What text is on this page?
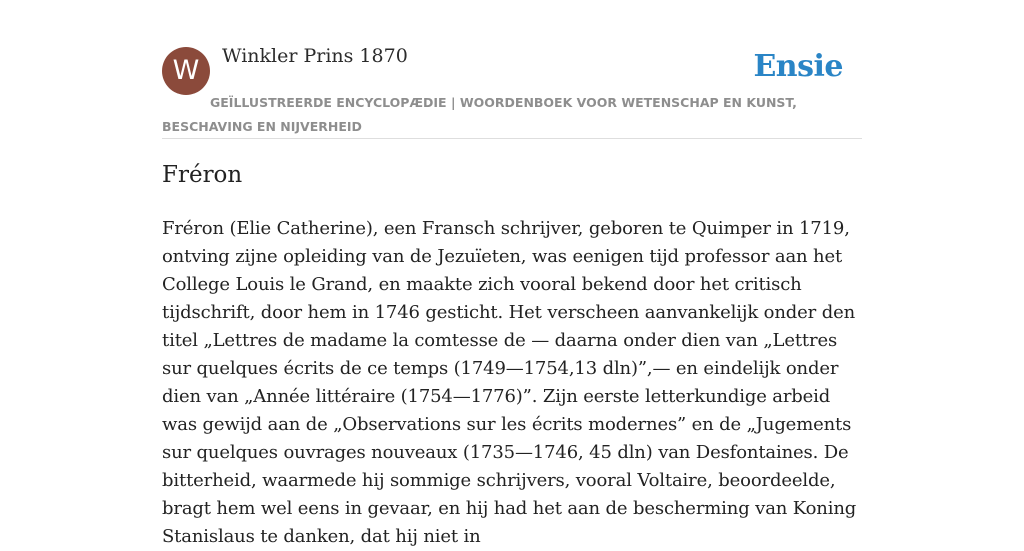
W	Winkler Prins 1870	Ensie
GEÏLLUSTREERDE ENCYCLOPÆDIE | WOORDENBOEK VOOR WETENSCHAP EN KUNST, BESCHAVING EN NIJVERHEID
Fréron

Fréron (Elie Catherine), een Fransch schrijver, geboren te Quimper in 1719, ontving zijne opleiding van de Jezuïeten, was eenigen tijd professor aan het College Louis le Grand, en maakte zich vooral bekend door het critisch tijdschrift, door hem in 1746 gesticht. Het verscheen aanvankelijk onder den titel „Lettres de madame la comtesse de — daarna onder dien van „Lettres sur quelques écrits de ce temps (1749—1754,13 dln)”,— en eindelijk onder dien van „Année littéraire (1754—1776)”. Zijn eerste letterkundige arbeid was gewijd aan de „Observations sur les écrits modernes” en de „Jugements sur quelques ouvrages nouveaux (1735—1746, 45 dln) van Desfontaines. De bitterheid, waarmede hij sommige schrijvers, vooral Voltaire, beoordeelde, bragt hem wel eens in gevaar, en hij had het aan de bescherming van Koning Stanislaus te danken, dat hij niet in
